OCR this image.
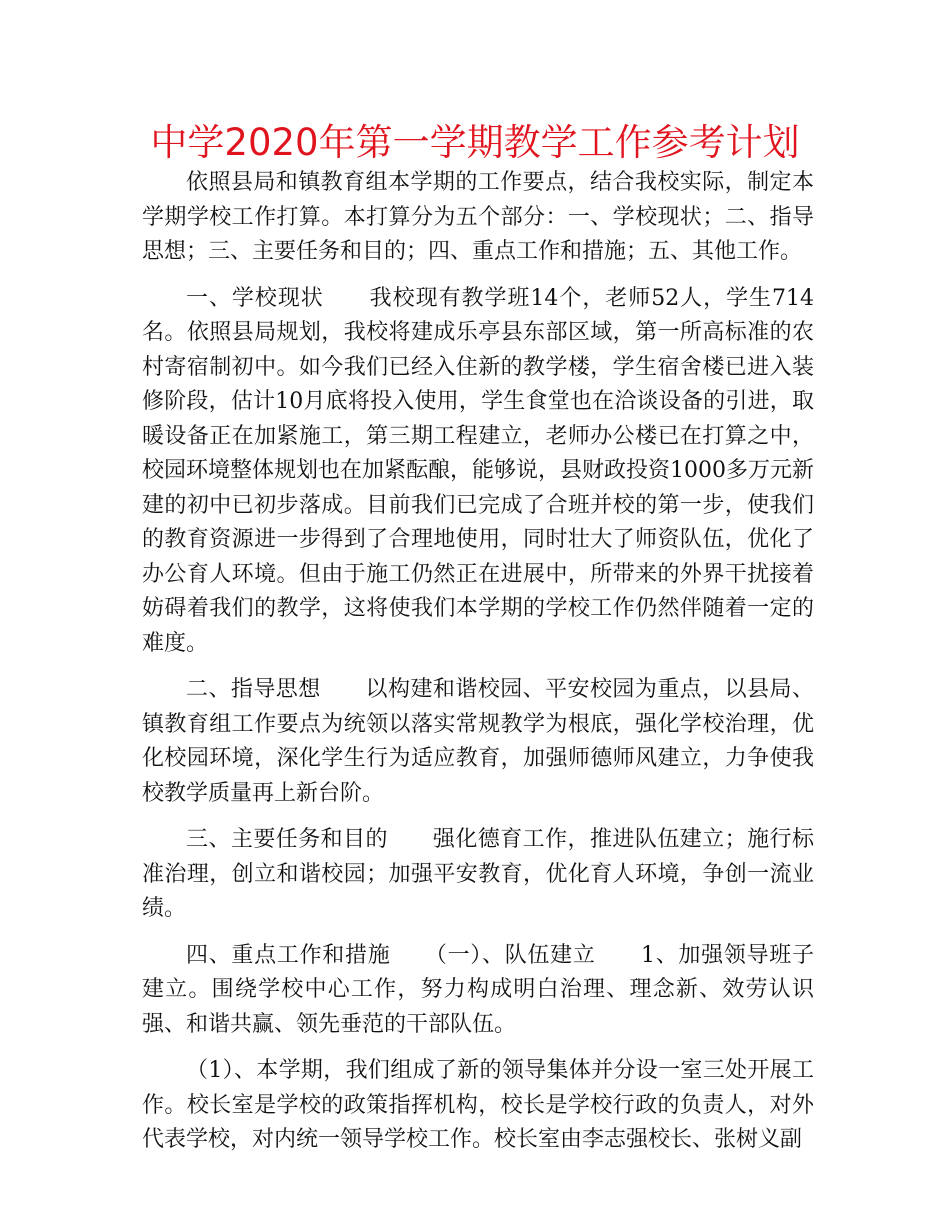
中学2020年第一学期教学工作参考计划

依照县局和镇教育组本学期的工作要点，结合我校实际，制定本学期学校工作打算。本打算分为五个部分：一、学校现状；二、指导思想；三、主要任务和目的；四、重点工作和措施；五、其他工作。

一、学校现状　　我校现有教学班14个，老师52人，学生714名。依照县局规划，我校将建成乐亭县东部区域，第一所高标准的农村寄宿制初中。如今我们已经入住新的教学楼，学生宿舍楼已进入装修阶段，估计10月底将投入使用，学生食堂也在洽谈设备的引进，取暖设备正在加紧施工，第三期工程建立，老师办公楼已在打算之中，校园环境整体规划也在加紧酝酿，能够说，县财政投资1000多万元新建的初中已初步落成。目前我们已完成了合班并校的第一步，使我们的教育资源进一步得到了合理地使用，同时壮大了师资队伍，优化了办公育人环境。但由于施工仍然正在进展中，所带来的外界干扰接着妨碍着我们的教学，这将使我们本学期的学校工作仍然伴随着一定的难度。

二、指导思想　　以构建和谐校园、平安校园为重点，以县局、镇教育组工作要点为统领以落实常规教学为根底，强化学校治理，优化校园环境，深化学生行为适应教育，加强师德师风建立，力争使我校教学质量再上新台阶。

三、主要任务和目的　　强化德育工作，推进队伍建立；施行标准治理，创立和谐校园；加强平安教育，优化育人环境，争创一流业绩。

四、重点工作和措施　　（一）、队伍建立　　1、加强领导班子建立。围绕学校中心工作，努力构成明白治理、理念新、效劳认识强、和谐共赢、领先垂范的干部队伍。

（1）、本学期，我们组成了新的领导集体并分设一室三处开展工作。校长室是学校的政策指挥机构，校长是学校行政的负责人，对外代表学校，对内统一领导学校工作。校长室由李志强校长、张树义副
